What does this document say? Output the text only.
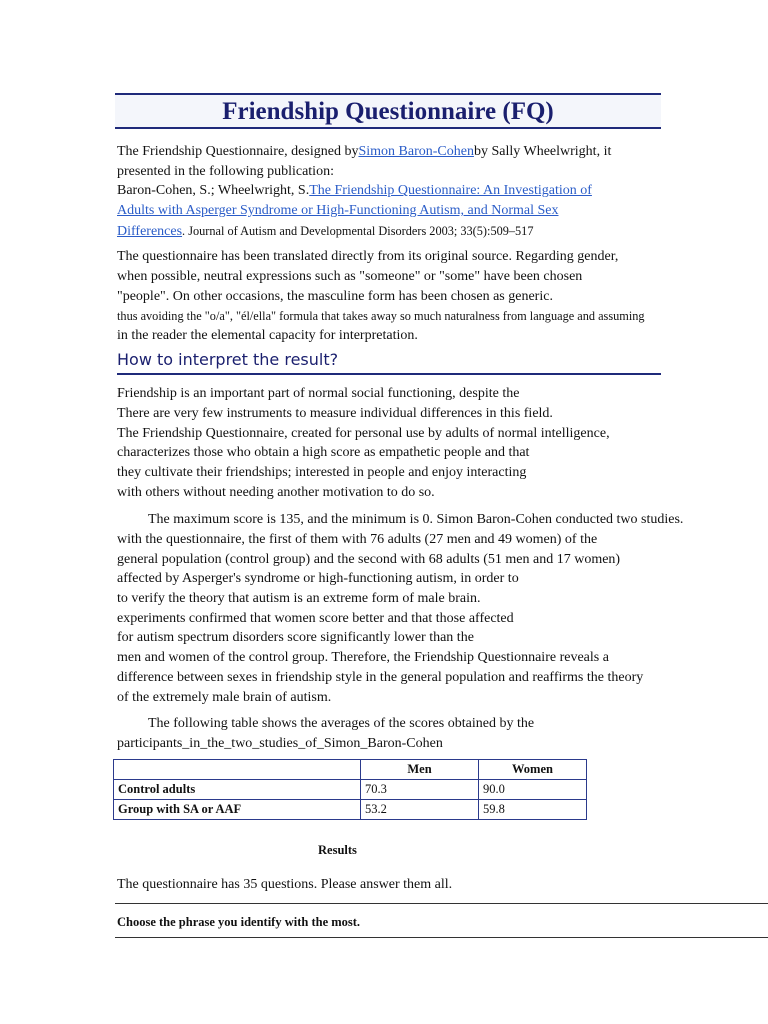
Friendship Questionnaire (FQ)
The Friendship Questionnaire, designed bySimon Baron-Cohenby Sally Wheelwright, it
presented in the following publication:
Baron-Cohen, S.; Wheelwright, S.The Friendship Questionnaire: An Investigation of
Adults with Asperger Syndrome or High-Functioning Autism, and Normal Sex
Differences. Journal of Autism and Developmental Disorders 2003; 33(5):509–517
The questionnaire has been translated directly from its original source. Regarding gender,
when possible, neutral expressions such as "someone" or "some" have been chosen
"people". On other occasions, the masculine form has been chosen as generic.
thus avoiding the "o/a", "él/ella" formula that takes away so much naturalness from language and assuming
in the reader the elemental capacity for interpretation.
How to interpret the result?
Friendship is an important part of normal social functioning, despite the
There are very few instruments to measure individual differences in this field.
The Friendship Questionnaire, created for personal use by adults of normal intelligence,
characterizes those who obtain a high score as empathetic people and that
they cultivate their friendships; interested in people and enjoy interacting
with others without needing another motivation to do so.
The maximum score is 135, and the minimum is 0. Simon Baron-Cohen conducted two studies.
with the questionnaire, the first of them with 76 adults (27 men and 49 women) of the
general population (control group) and the second with 68 adults (51 men and 17 women)
affected by Asperger's syndrome or high-functioning autism, in order to
to verify the theory that autism is an extreme form of male brain.
experiments confirmed that women score better and that those affected
for autism spectrum disorders score significantly lower than the
men and women of the control group. Therefore, the Friendship Questionnaire reveals a
difference between sexes in friendship style in the general population and reaffirms the theory
of the extremely male brain of autism.
The following table shows the averages of the scores obtained by the
participants_in_the_two_studies_of_Simon_Baron-Cohen
	Men	Women
Control adults	70.3	90.0
Group with SA or AAF	53.2	59.8
Results
The questionnaire has 35 questions. Please answer them all.
Choose the phrase you identify with the most.
